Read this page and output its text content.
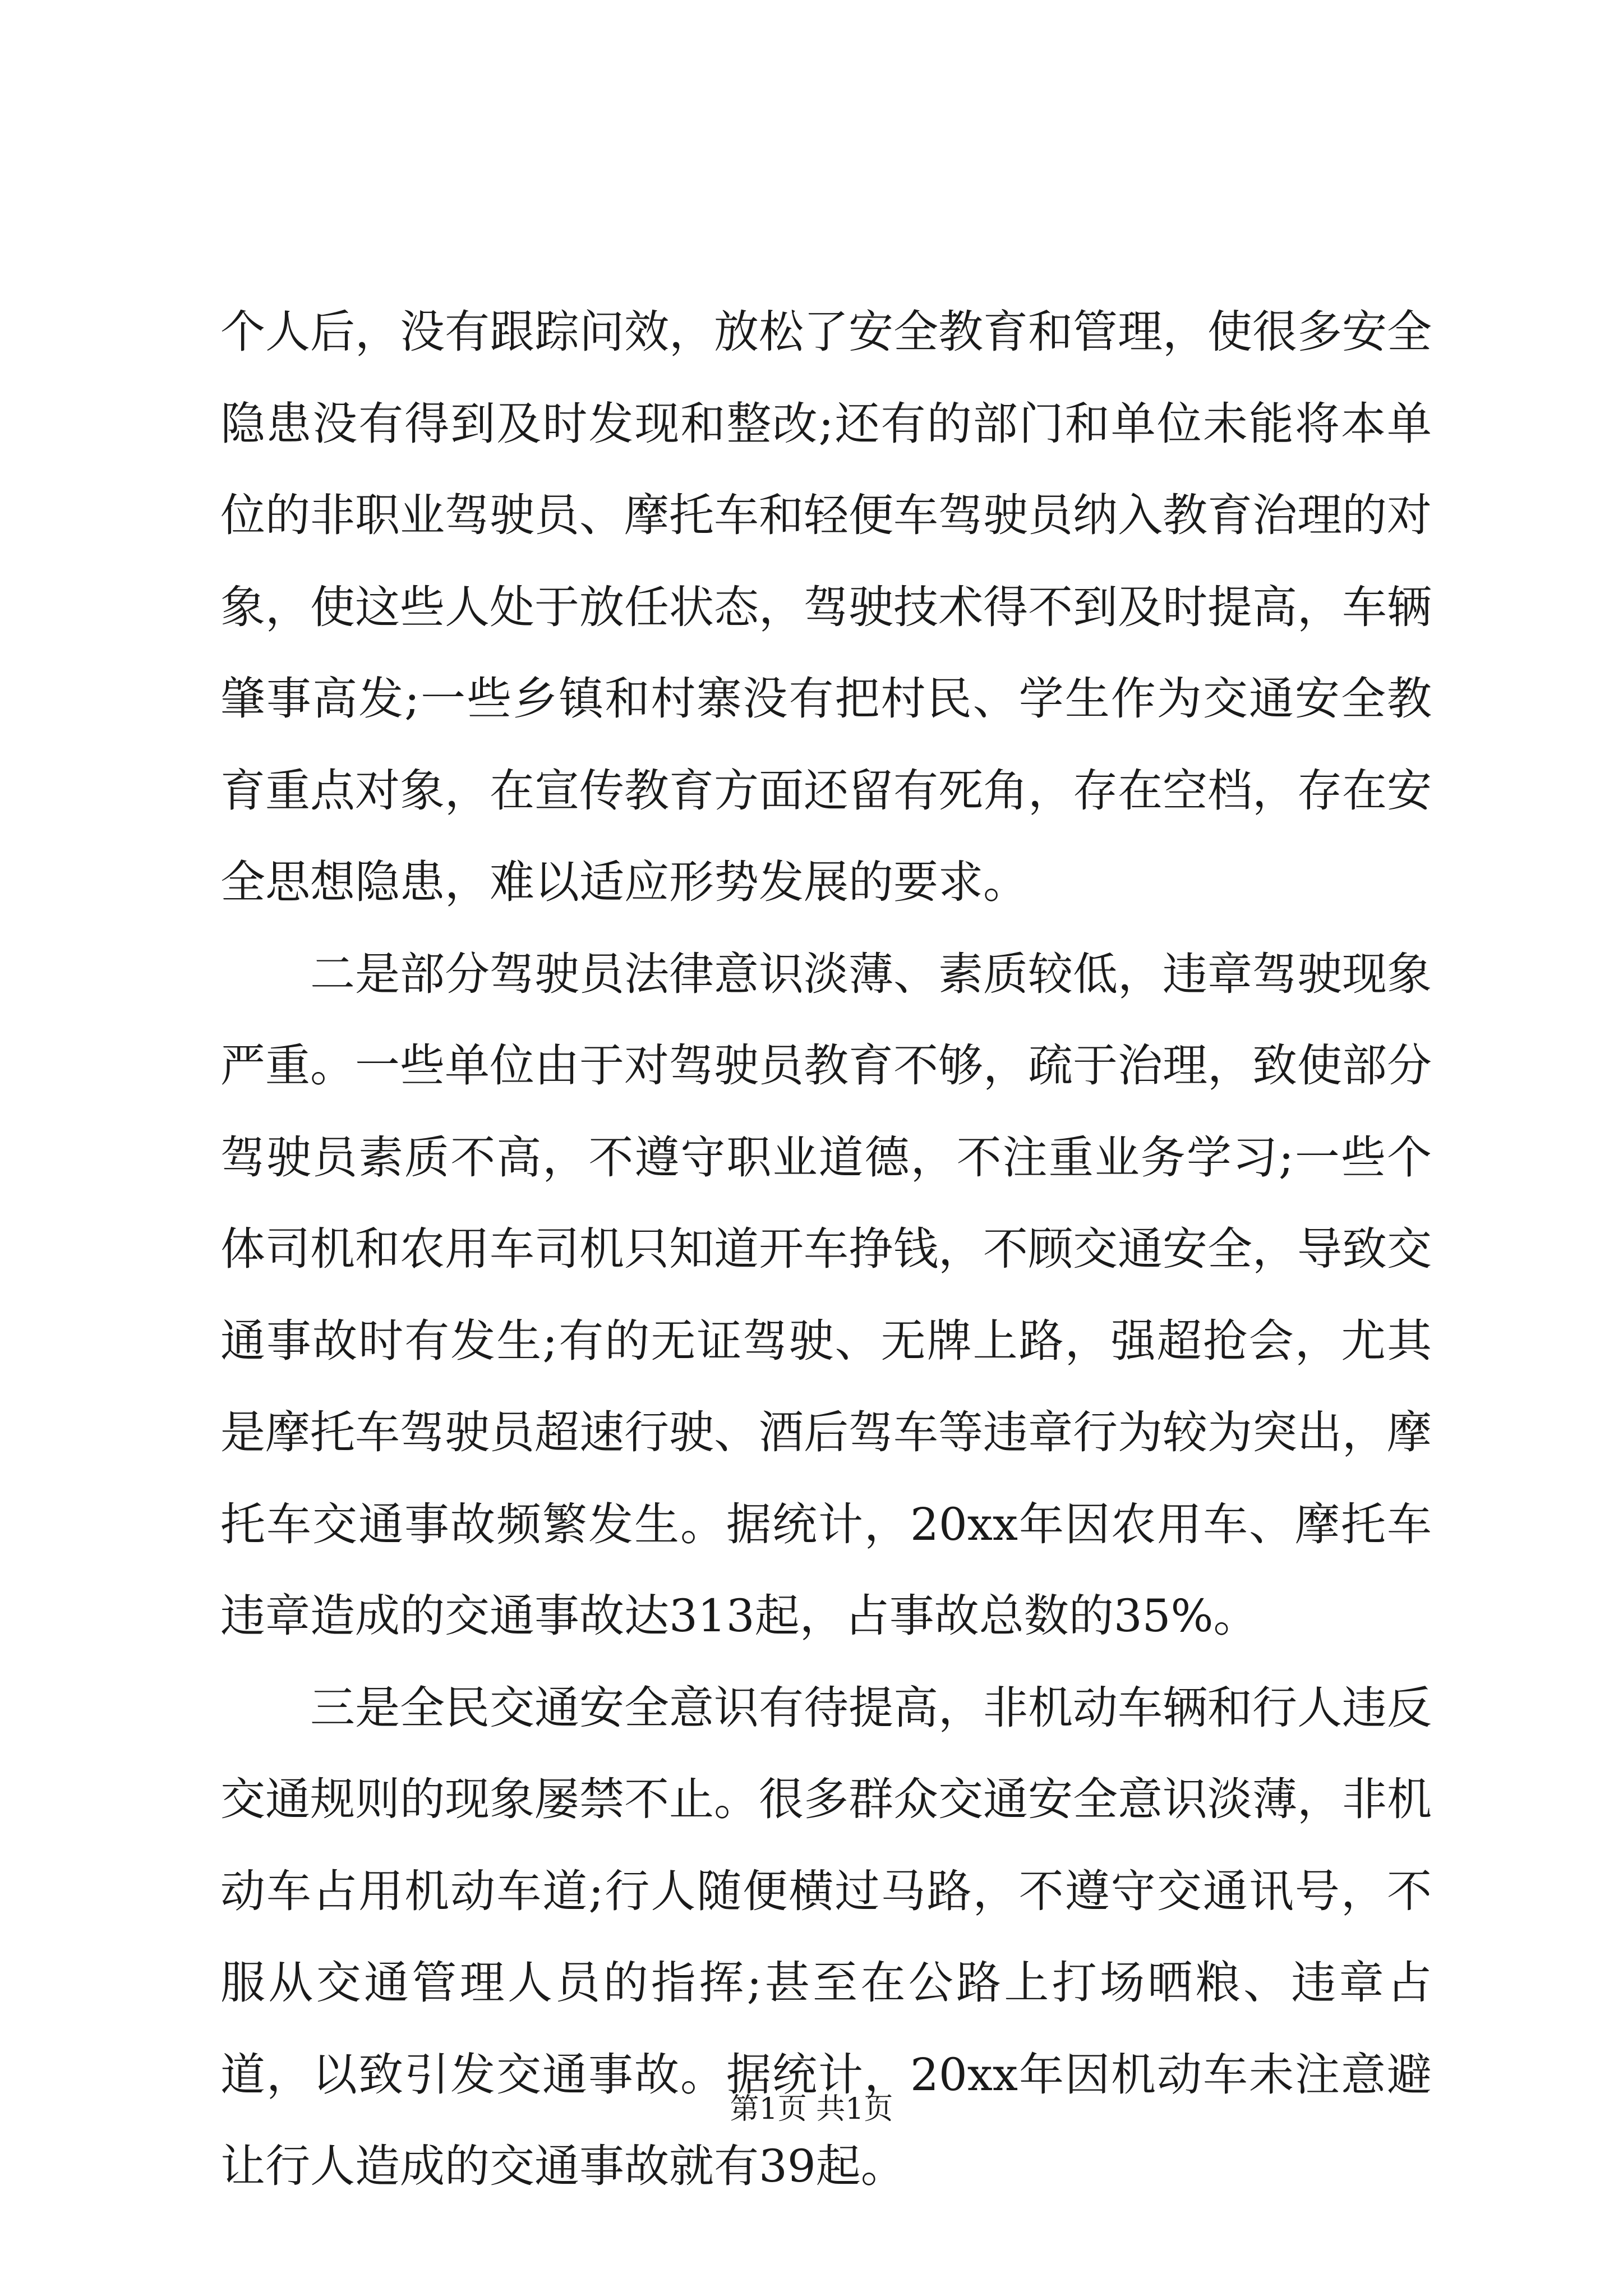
个人后，没有跟踪问效，放松了安全教育和管理，使很多安全隐患没有得到及时发现和整改;还有的部门和单位未能将本单位的非职业驾驶员、摩托车和轻便车驾驶员纳入教育治理的对象，使这些人处于放任状态，驾驶技术得不到及时提高，车辆肇事高发;一些乡镇和村寨没有把村民、学生作为交通安全教育重点对象，在宣传教育方面还留有死角，存在空档，存在安全思想隐患，难以适应形势发展的要求。

二是部分驾驶员法律意识淡薄、素质较低，违章驾驶现象严重。一些单位由于对驾驶员教育不够，疏于治理，致使部分驾驶员素质不高，不遵守职业道德，不注重业务学习;一些个体司机和农用车司机只知道开车挣钱，不顾交通安全，导致交通事故时有发生;有的无证驾驶、无牌上路，强超抢会，尤其是摩托车驾驶员超速行驶、酒后驾车等违章行为较为突出，摩托车交通事故频繁发生。据统计，20xx年因农用车、摩托车违章造成的交通事故达313起，占事故总数的35%。

三是全民交通安全意识有待提高，非机动车辆和行人违反交通规则的现象屡禁不止。很多群众交通安全意识淡薄，非机动车占用机动车道;行人随便横过马路，不遵守交通讯号，不服从交通管理人员的指挥;甚至在公路上打场晒粮、违章占道，以致引发交通事故。据统计，20xx年因机动车未注意避让行人造成的交通事故就有39起。

第1页 共1页
